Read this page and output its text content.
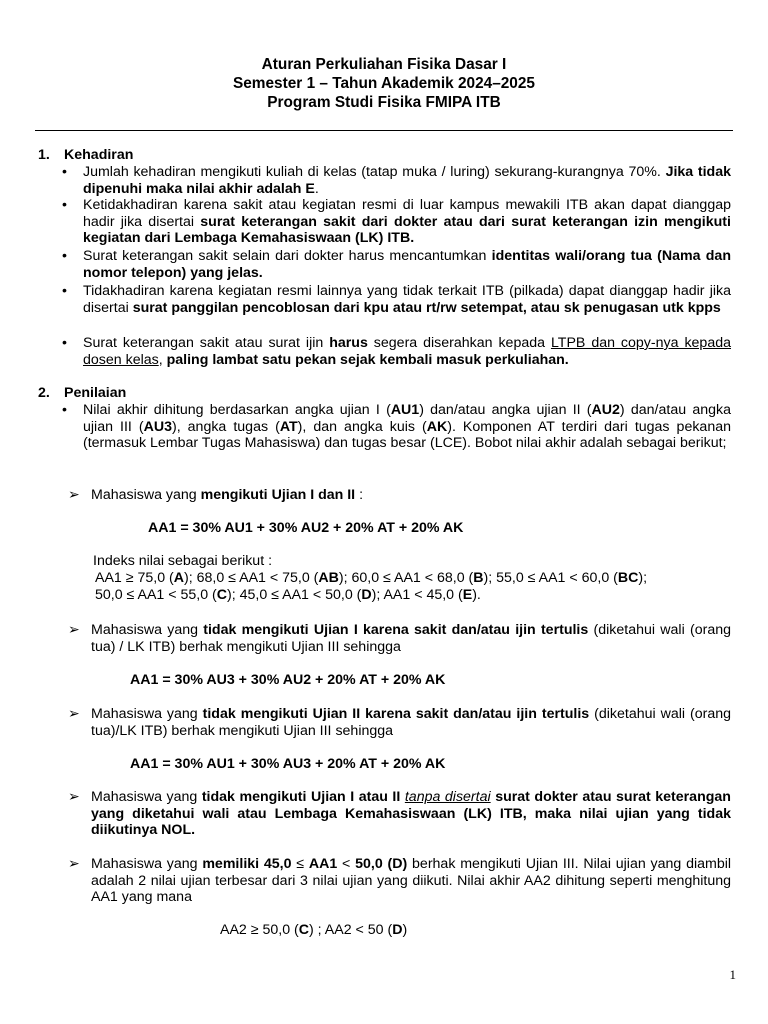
Aturan Perkuliahan Fisika Dasar I
Semester 1 – Tahun Akademik 2024–2025
Program Studi Fisika FMIPA ITB
1. Kehadiran
•	Jumlah kehadiran mengikuti kuliah di kelas (tatap muka / luring) sekurang-kurangnya 70%. Jika tidak dipenuhi maka nilai akhir adalah E.
•	Ketidakhadiran karena sakit atau kegiatan resmi di luar kampus mewakili ITB akan dapat dianggap hadir jika disertai surat keterangan sakit dari dokter atau dari surat keterangan izin mengikuti kegiatan dari Lembaga Kemahasiswaan (LK) ITB.
•	Surat keterangan sakit selain dari dokter harus mencantumkan identitas wali/orang tua (Nama dan nomor telepon) yang jelas.
•	Tidakhadiran karena kegiatan resmi lainnya yang tidak terkait ITB (pilkada) dapat dianggap hadir jika disertai surat panggilan pencoblosan dari kpu atau rt/rw setempat, atau sk penugasan utk kpps
•	Surat keterangan sakit atau surat ijin harus segera diserahkan kepada LTPB dan copy-nya kepada dosen kelas, paling lambat satu pekan sejak kembali masuk perkuliahan.
2. Penilaian
•	Nilai akhir dihitung berdasarkan angka ujian I (AU1) dan/atau angka ujian II (AU2) dan/atau angka ujian III (AU3), angka tugas (AT), dan angka kuis (AK). Komponen AT terdiri dari tugas pekanan (termasuk Lembar Tugas Mahasiswa) dan tugas besar (LCE). Bobot nilai akhir adalah sebagai berikut;
➢ Mahasiswa yang mengikuti Ujian I dan II :
AA1 = 30% AU1 + 30% AU2 + 20% AT + 20% AK
Indeks nilai sebagai berikut :
AA1 ≥ 75,0 (A); 68,0 ≤ AA1 < 75,0 (AB); 60,0 ≤ AA1 < 68,0 (B); 55,0 ≤ AA1 < 60,0 (BC);
50,0 ≤ AA1 < 55,0 (C); 45,0 ≤ AA1 < 50,0 (D); AA1 < 45,0 (E).
➢ Mahasiswa yang tidak mengikuti Ujian I karena sakit dan/atau ijin tertulis (diketahui wali (orang tua) / LK ITB) berhak mengikuti Ujian III sehingga
AA1 = 30% AU3 + 30% AU2 + 20% AT + 20% AK
➢ Mahasiswa yang tidak mengikuti Ujian II karena sakit dan/atau ijin tertulis (diketahui wali (orang tua)/LK ITB) berhak mengikuti Ujian III sehingga
AA1 = 30% AU1 + 30% AU3 + 20% AT + 20% AK
➢ Mahasiswa yang tidak mengikuti Ujian I atau II tanpa disertai surat dokter atau surat keterangan yang diketahui wali atau Lembaga Kemahasiswaan (LK) ITB, maka nilai ujian yang tidak diikutinya NOL.
➢ Mahasiswa yang memiliki 45,0 ≤ AA1 < 50,0 (D) berhak mengikuti Ujian III. Nilai ujian yang diambil adalah 2 nilai ujian terbesar dari 3 nilai ujian yang diikuti. Nilai akhir AA2 dihitung seperti menghitung AA1 yang mana
AA2 ≥ 50,0 (C) ; AA2 < 50 (D)
1
